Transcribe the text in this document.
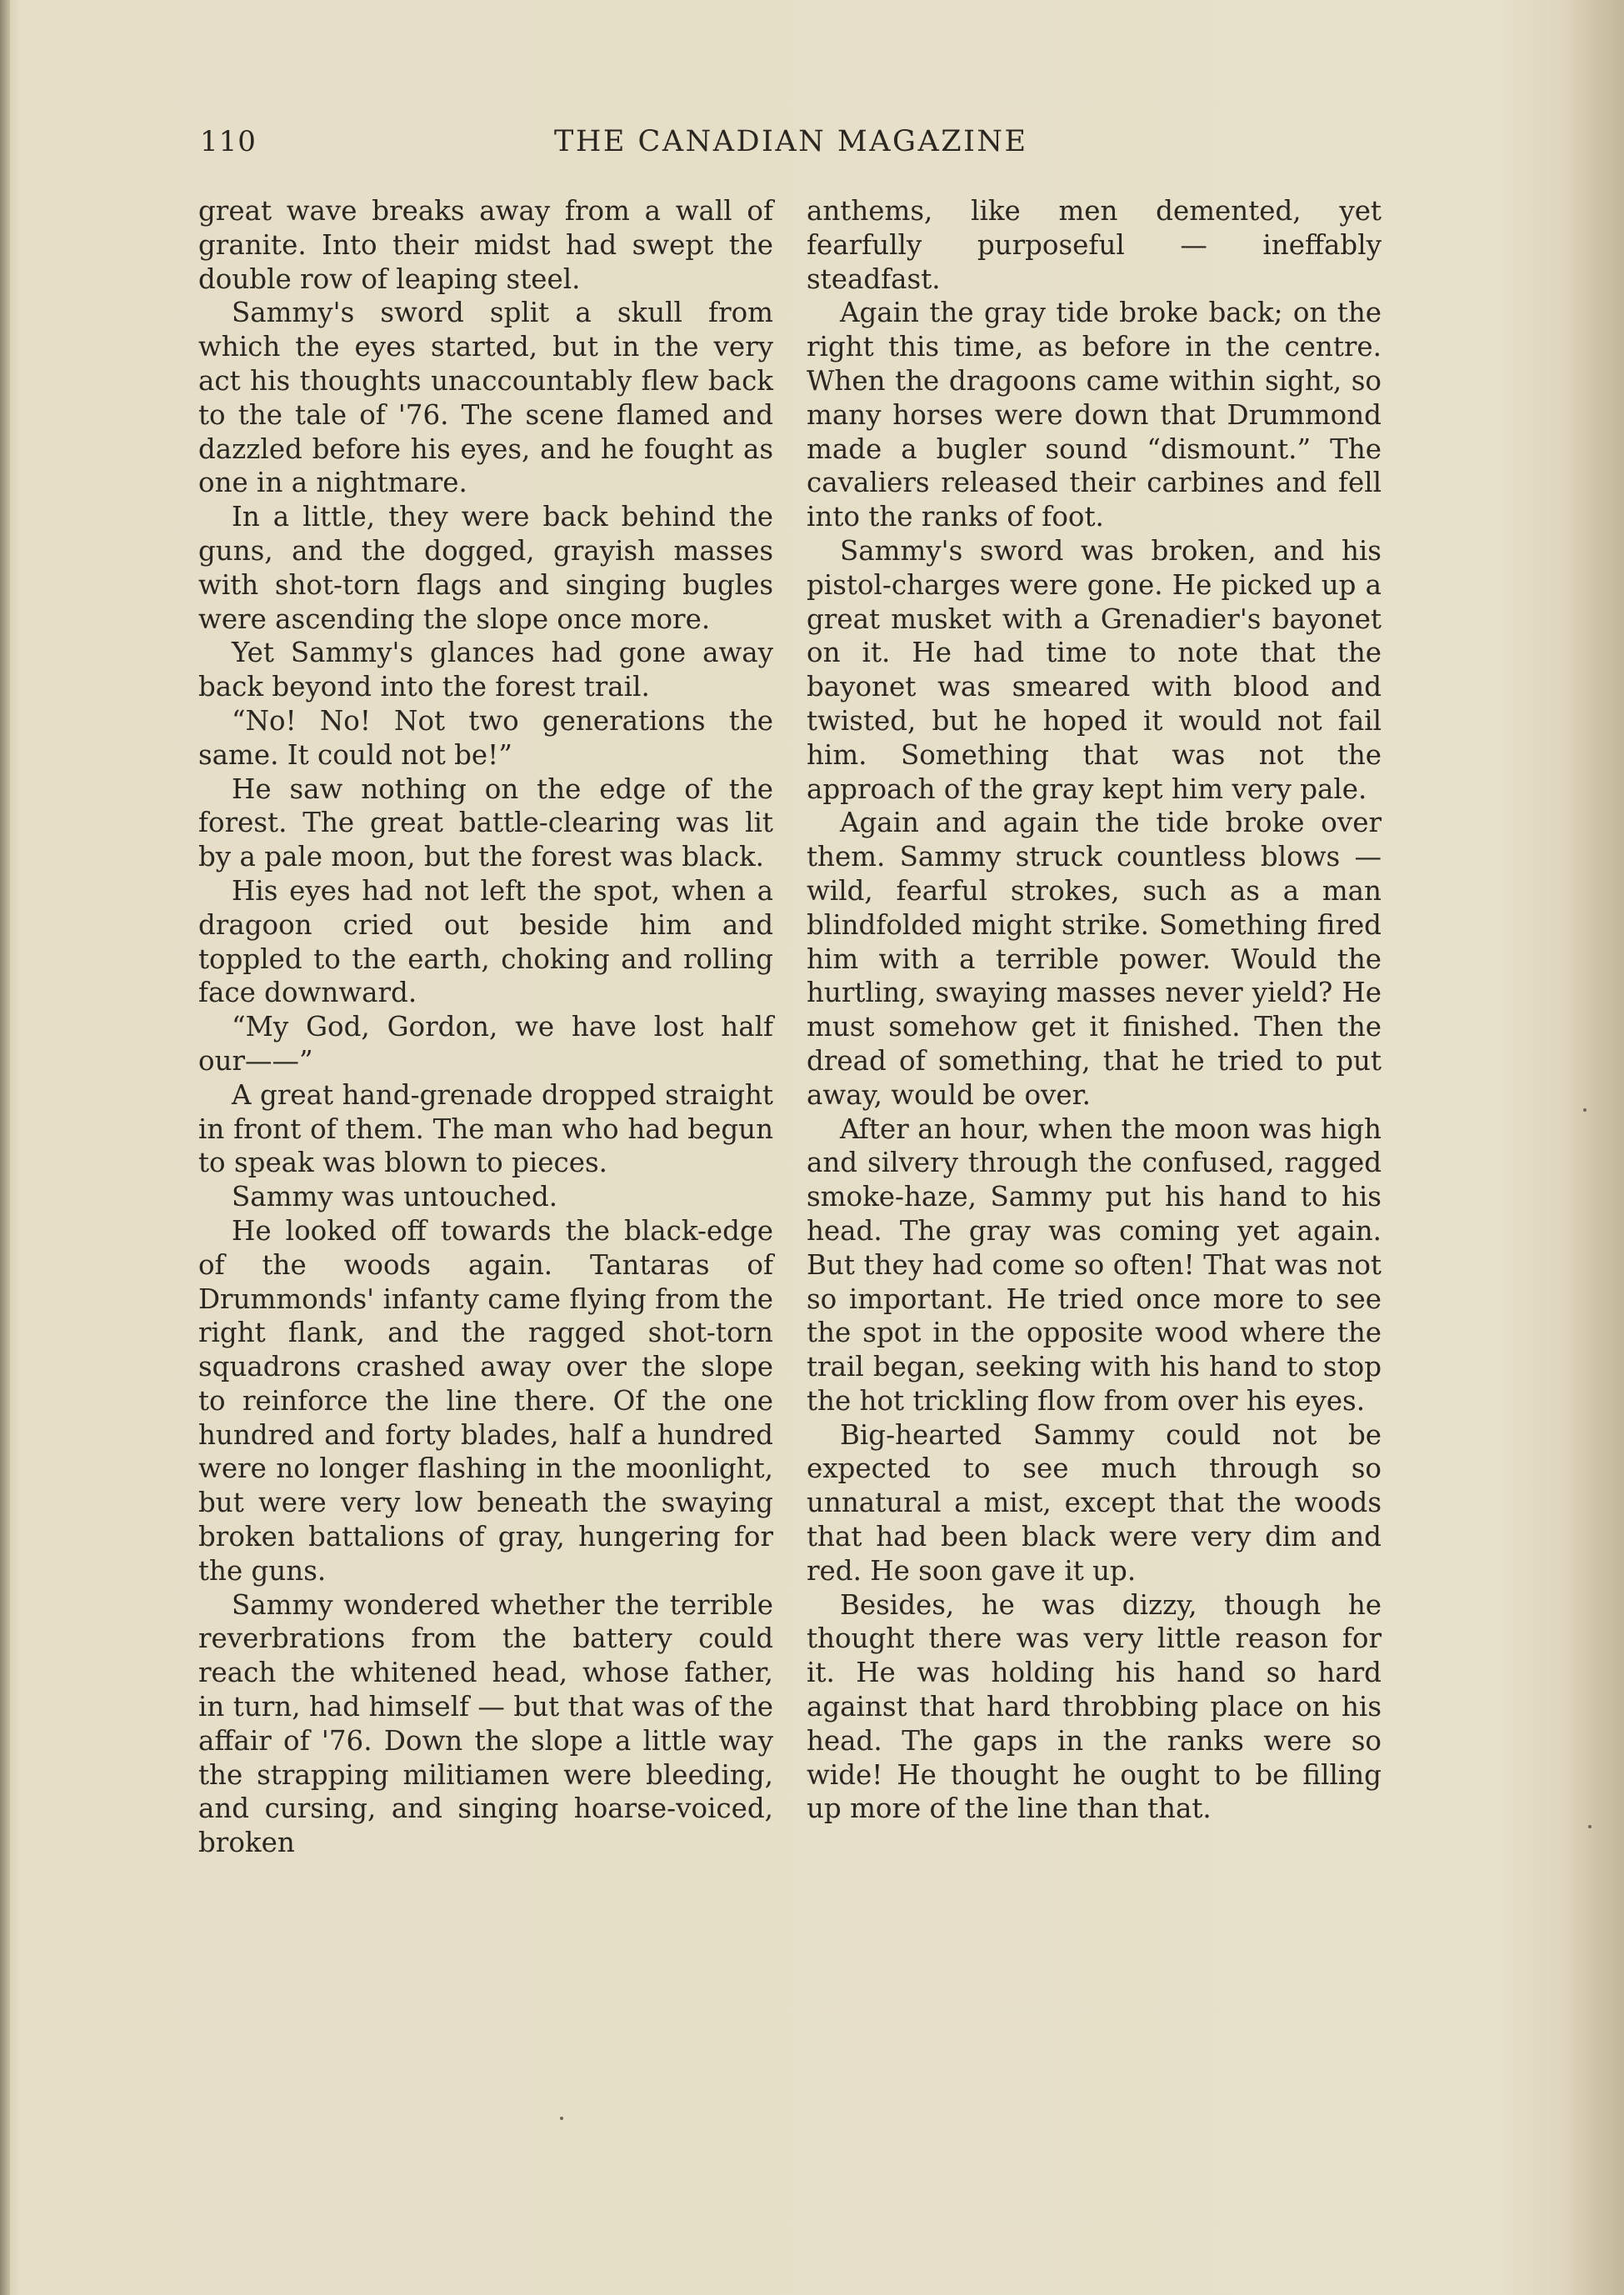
110	THE CANADIAN MAGAZINE

great wave breaks away from a wall of granite. Into their midst had swept the double row of leaping steel.

Sammy's sword split a skull from which the eyes started, but in the very act his thoughts unaccountably flew back to the tale of '76. The scene flamed and dazzled before his eyes, and he fought as one in a nightmare.

In a little, they were back behind the guns, and the dogged, grayish masses with shot-torn flags and singing bugles were ascending the slope once more.

Yet Sammy's glances had gone away back beyond into the forest trail.

“No! No! Not two generations the same. It could not be!”

He saw nothing on the edge of the forest. The great battle-clearing was lit by a pale moon, but the forest was black.

His eyes had not left the spot, when a dragoon cried out beside him and toppled to the earth, choking and rolling face downward.

“My God, Gordon, we have lost half our——”

A great hand-grenade dropped straight in front of them. The man who had begun to speak was blown to pieces.

Sammy was untouched.

He looked off towards the black-edge of the woods again. Tantaras of Drummonds' infanty came flying from the right flank, and the ragged shot-torn squadrons crashed away over the slope to reinforce the line there. Of the one hundred and forty blades, half a hundred were no longer flashing in the moonlight, but were very low beneath the swaying broken battalions of gray, hungering for the guns.

Sammy wondered whether the terrible reverbrations from the battery could reach the whitened head, whose father, in turn, had himself — but that was of the affair of '76. Down the slope a little way the strapping militiamen were bleeding, and cursing, and singing hoarse-voiced, broken

anthems, like men demented, yet fearfully purposeful — ineffably steadfast.

Again the gray tide broke back; on the right this time, as before in the centre. When the dragoons came within sight, so many horses were down that Drummond made a bugler sound “dismount.” The cavaliers released their carbines and fell into the ranks of foot.

Sammy's sword was broken, and his pistol-charges were gone. He picked up a great musket with a Grenadier's bayonet on it. He had time to note that the bayonet was smeared with blood and twisted, but he hoped it would not fail him. Something that was not the approach of the gray kept him very pale.

Again and again the tide broke over them. Sammy struck countless blows —wild, fearful strokes, such as a man blindfolded might strike. Something fired him with a terrible power. Would the hurtling, swaying masses never yield? He must somehow get it finished. Then the dread of something, that he tried to put away, would be over.

After an hour, when the moon was high and silvery through the confused, ragged smoke-haze, Sammy put his hand to his head. The gray was coming yet again. But they had come so often! That was not so important. He tried once more to see the spot in the opposite wood where the trail began, seeking with his hand to stop the hot trickling flow from over his eyes.

Big-hearted Sammy could not be expected to see much through so unnatural a mist, except that the woods that had been black were very dim and red. He soon gave it up.

Besides, he was dizzy, though he thought there was very little reason for it. He was holding his hand so hard against that hard throbbing place on his head. The gaps in the ranks were so wide! He thought he ought to be filling up more of the line than that.
